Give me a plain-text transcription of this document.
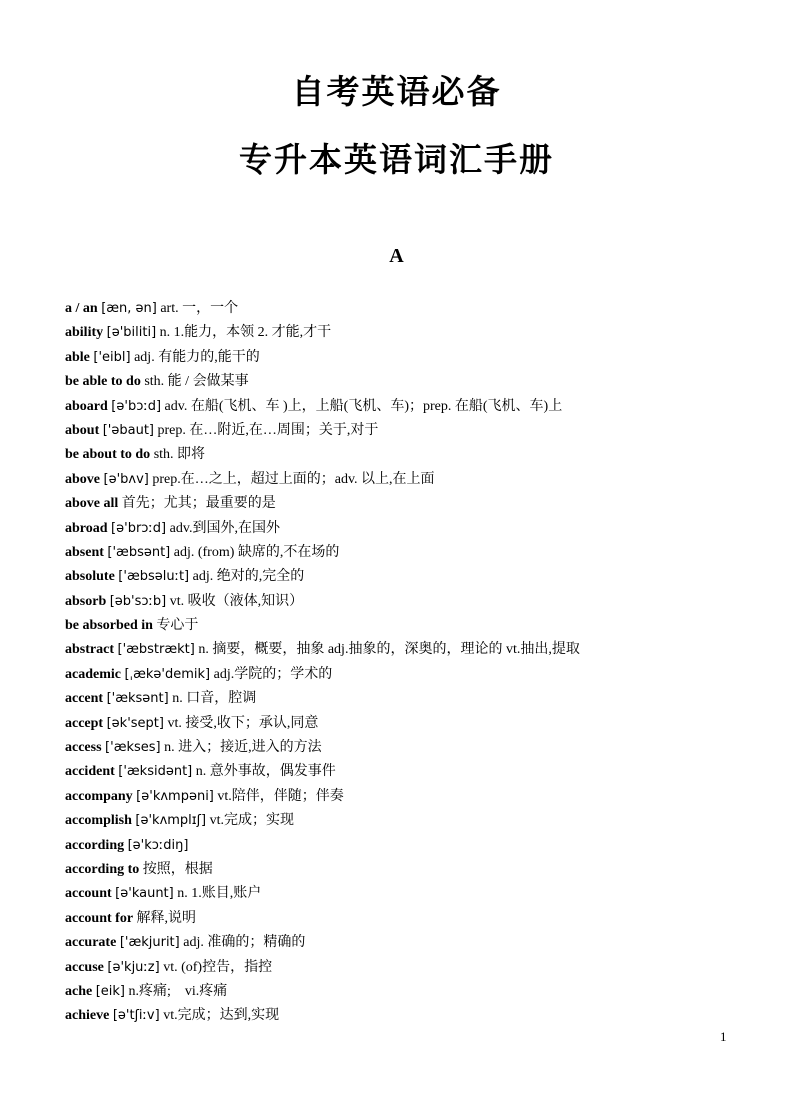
自考英语必备
专升本英语词汇手册
A
a / an [æn, ən] art. 一，一个
ability [ə'biliti] n. 1.能力，本领 2. 才能,才干
able ['eibl] adj. 有能力的,能干的
be able to do sth. 能 / 会做某事
aboard [ə'bɔːd] adv. 在船(飞机、车 )上，上船(飞机、车)；prep. 在船(飞机、车)上
about ['əbaut] prep. 在…附近,在…周围；关于,对于
be about to do sth. 即将
above [ə'bʌv] prep.在…之上，超过上面的；adv. 以上,在上面
above all 首先；尤其；最重要的是
abroad [ə'brɔːd] adv.到国外,在国外
absent ['æbsənt] adj. (from) 缺席的,不在场的
absolute ['æbsəluːt] adj. 绝对的,完全的
absorb [əb'sɔːb] vt. 吸收（液体,知识）
be absorbed in 专心于
abstract ['æbstrækt] n. 摘要，概要，抽象 adj.抽象的，深奥的，理论的 vt.抽出,提取
academic [ˌækə'demik] adj.学院的；学术的
accent ['æksənt] n. 口音，腔调
accept [ək'sept] vt. 接受,收下；承认,同意
access ['ækses] n. 进入；接近,进入的方法
accident ['æksidənt] n. 意外事故，偶发事件
accompany [ə'kʌmpəni] vt.陪伴，伴随；伴奏
accomplish [ə'kʌmplɪʃ] vt.完成；实现
according [ə'kɔːdiŋ]
according to 按照，根据
account [ə'kaunt] n. 1.账目,账户
account for 解释,说明
accurate ['ækjurit] adj. 准确的；精确的
accuse [ə'kjuːz] vt. (of)控告，指控
ache [eik] n.疼痛;　vi.疼痛
achieve [ə'tʃiːv] vt.完成；达到,实现
1
